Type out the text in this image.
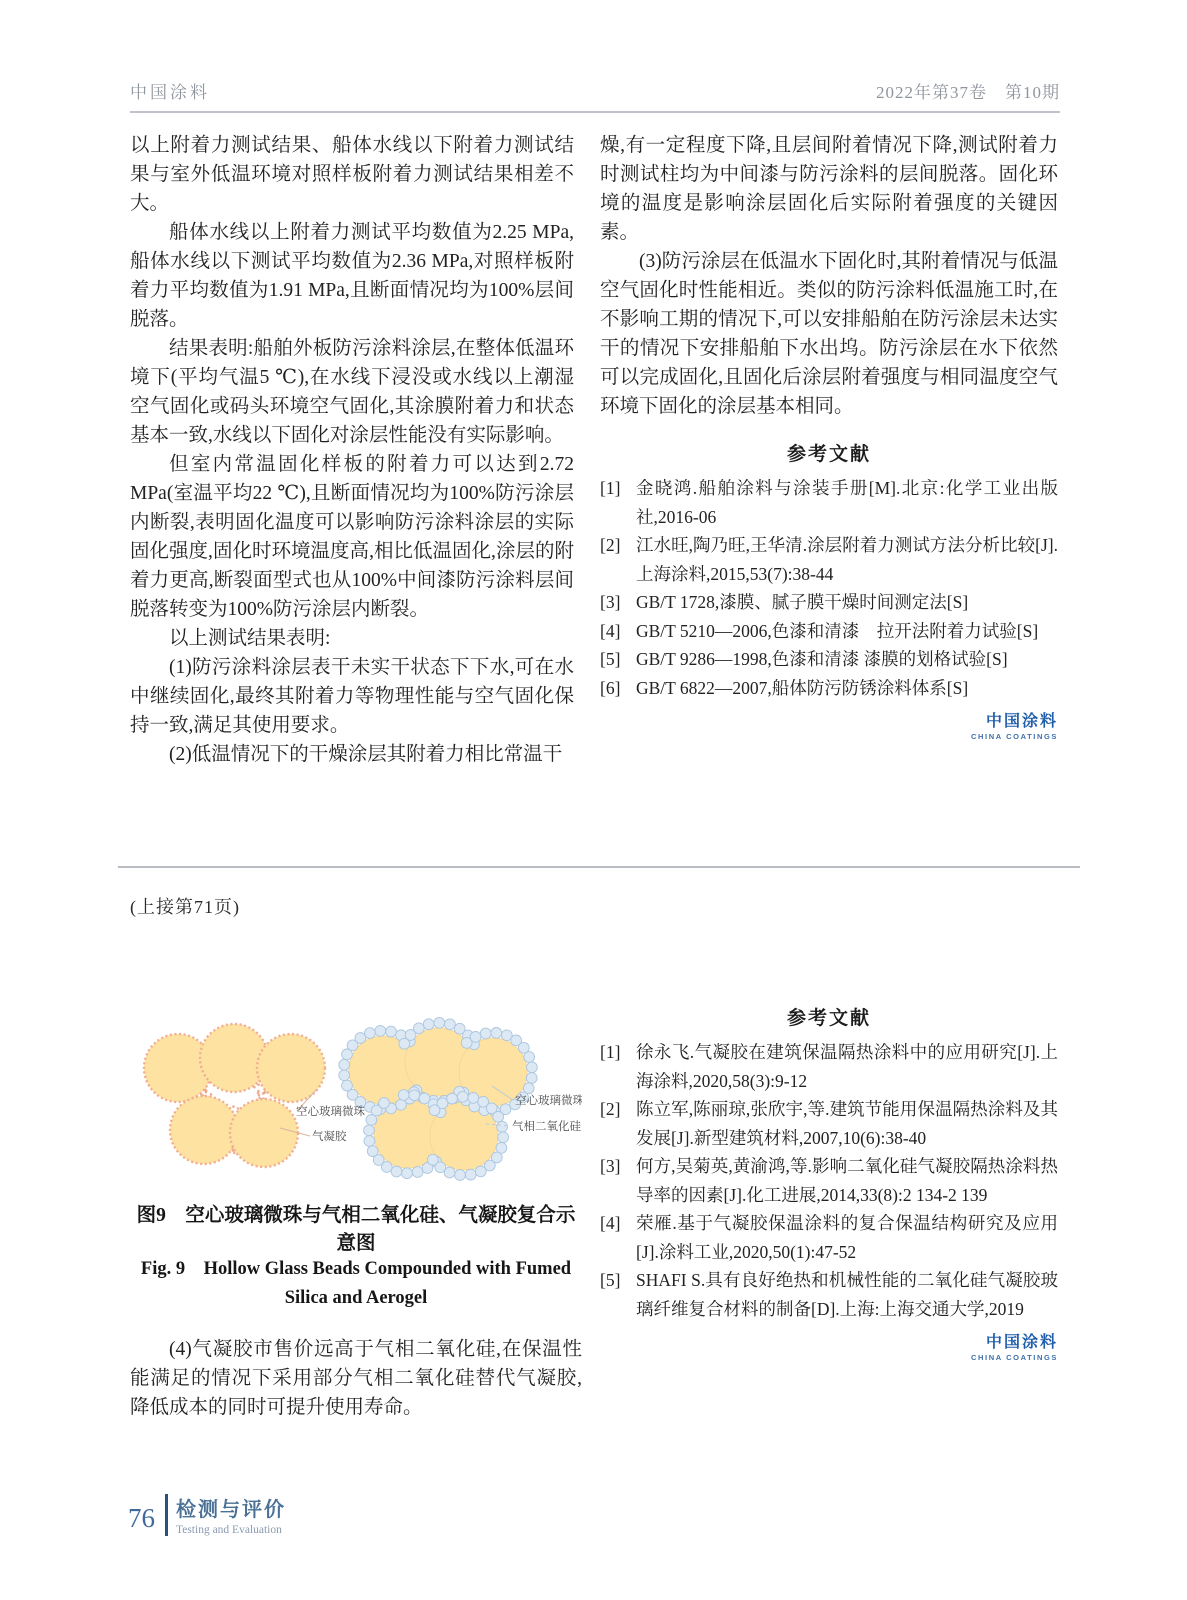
中国涂料	2022年第37卷　第10期

以上附着力测试结果、船体水线以下附着力测试结果与室外低温环境对照样板附着力测试结果相差不大。

船体水线以上附着力测试平均数值为2.25 MPa,船体水线以下测试平均数值为2.36 MPa,对照样板附着力平均数值为1.91 MPa,且断面情况均为100%层间脱落。

结果表明:船舶外板防污涂料涂层,在整体低温环境下(平均气温5 ℃),在水线下浸没或水线以上潮湿空气固化或码头环境空气固化,其涂膜附着力和状态基本一致,水线以下固化对涂层性能没有实际影响。

但室内常温固化样板的附着力可以达到2.72 MPa(室温平均22 ℃),且断面情况均为100%防污涂层内断裂,表明固化温度可以影响防污涂料涂层的实际固化强度,固化时环境温度高,相比低温固化,涂层的附着力更高,断裂面型式也从100%中间漆防污涂料层间脱落转变为100%防污涂层内断裂。

以上测试结果表明:

(1)防污涂料涂层表干未实干状态下下水,可在水中继续固化,最终其附着力等物理性能与空气固化保持一致,满足其使用要求。

(2)低温情况下的干燥涂层其附着力相比常温干

燥,有一定程度下降,且层间附着情况下降,测试附着力时测试柱均为中间漆与防污涂料的层间脱落。固化环境的温度是影响涂层固化后实际附着强度的关键因素。

(3)防污涂层在低温水下固化时,其附着情况与低温空气固化时性能相近。类似的防污涂料低温施工时,在不影响工期的情况下,可以安排船舶在防污涂层未达实干的情况下安排船舶下水出坞。防污涂层在水下依然可以完成固化,且固化后涂层附着强度与相同温度空气环境下固化的涂层基本相同。

参考文献
[1] 金晓鸿.船舶涂料与涂装手册[M].北京:化学工业出版社,2016-06
[2] 江水旺,陶乃旺,王华清.涂层附着力测试方法分析比较[J].上海涂料,2015,53(7):38-44
[3] GB/T 1728,漆膜、腻子膜干燥时间测定法[S]
[4] GB/T 5210—2006,色漆和清漆　拉开法附着力试验[S]
[5] GB/T 9286—1998,色漆和清漆 漆膜的划格试验[S]
[6] GB/T 6822—2007,船体防污防锈涂料体系[S]
中国涂料
CHINA COATINGS
(上接第71页)
空心玻璃微珠
气凝胶
空心玻璃微珠
气相二氧化硅
图9　空心玻璃微珠与气相二氧化硅、气凝胶复合示意图
Fig. 9　Hollow Glass Beads Compounded with Fumed
Silica and Aerogel

(4)气凝胶市售价远高于气相二氧化硅,在保温性能满足的情况下采用部分气相二氧化硅替代气凝胶,降低成本的同时可提升使用寿命。

参考文献
[1] 徐永飞.气凝胶在建筑保温隔热涂料中的应用研究[J].上海涂料,2020,58(3):9-12
[2] 陈立军,陈丽琼,张欣宇,等.建筑节能用保温隔热涂料及其发展[J].新型建筑材料,2007,10(6):38-40
[3] 何方,吴菊英,黄渝鸿,等.影响二氧化硅气凝胶隔热涂料热导率的因素[J].化工进展,2014,33(8):2 134-2 139
[4] 荣雁.基于气凝胶保温涂料的复合保温结构研究及应用[J].涂料工业,2020,50(1):47-52
[5] SHAFI S.具有良好绝热和机械性能的二氧化硅气凝胶玻璃纤维复合材料的制备[D].上海:上海交通大学,2019
中国涂料
CHINA COATINGS
76 检测与评价
Testing and Evaluation
